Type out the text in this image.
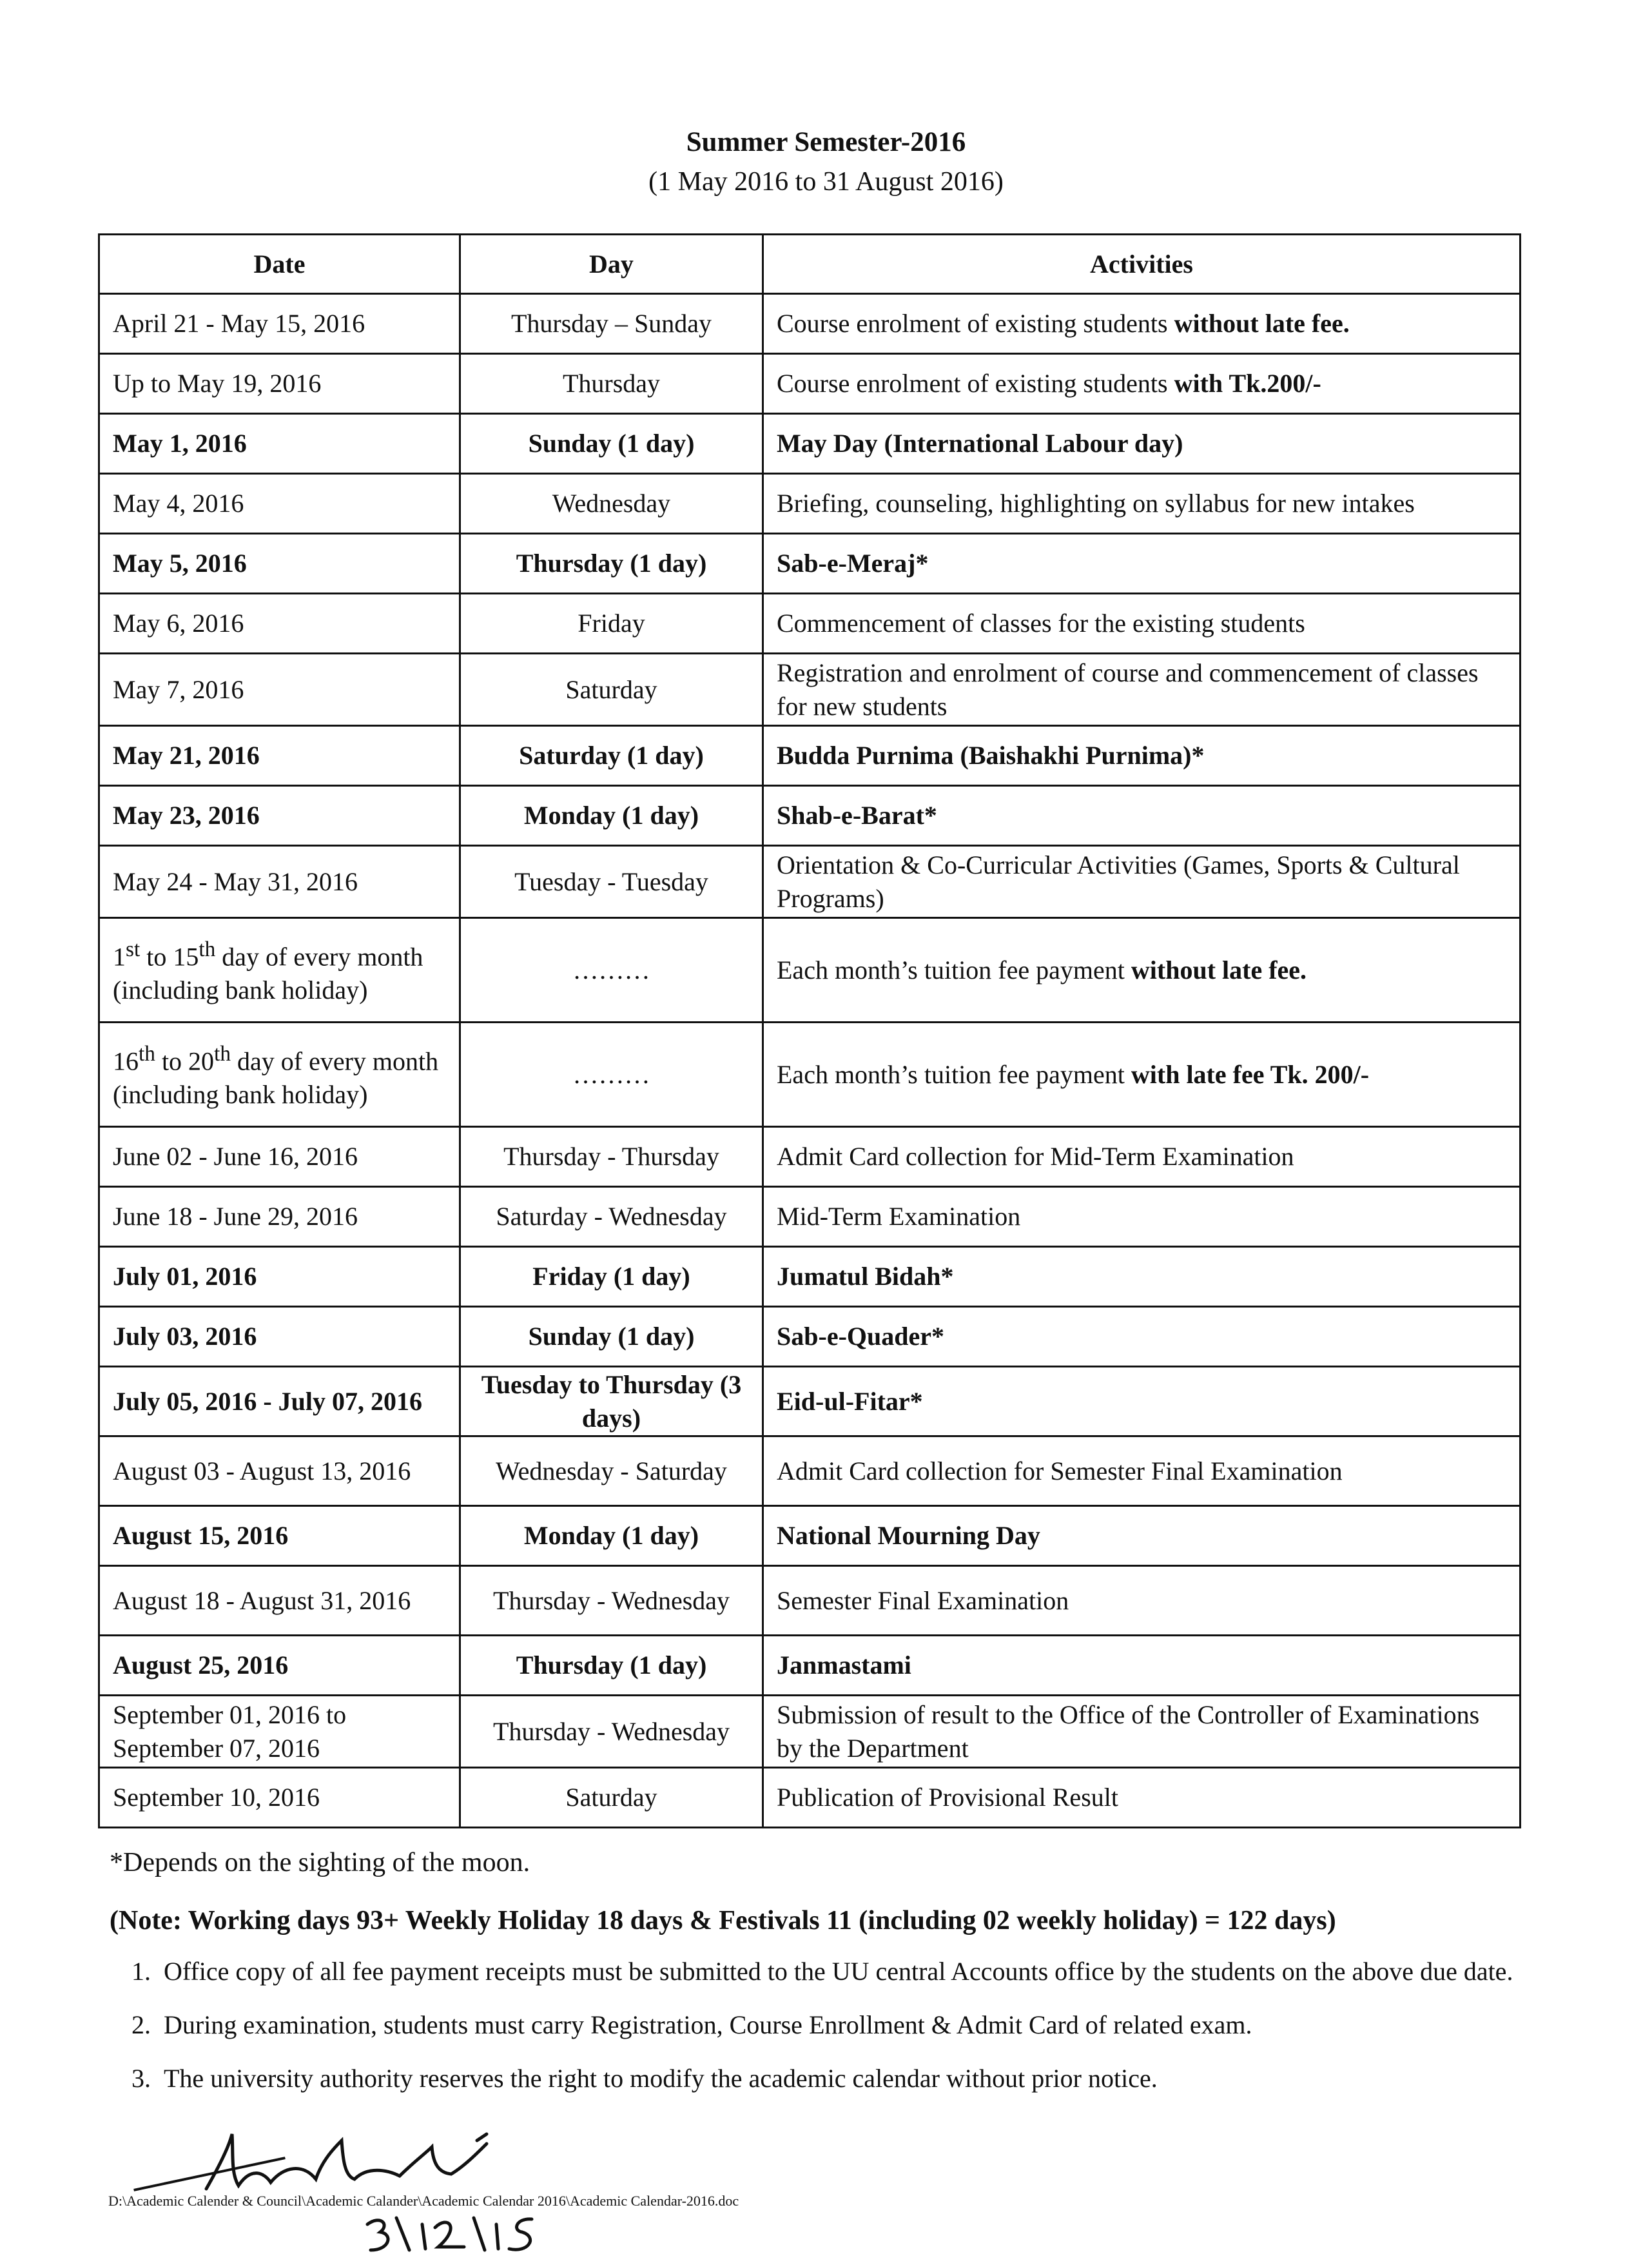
Summer Semester-2016
(1 May 2016 to 31 August 2016)
Date	Day	Activities
April 21 - May 15, 2016	Thursday – Sunday	Course enrolment of existing students without late fee.
Up to May 19, 2016	Thursday	Course enrolment of existing students with Tk.200/-
May 1, 2016	Sunday (1 day)	May Day (International Labour day)
May 4, 2016	Wednesday	Briefing, counseling, highlighting on syllabus for new intakes
May 5, 2016	Thursday (1 day)	Sab-e-Meraj*
May 6, 2016	Friday	Commencement of classes for the existing students
May 7, 2016	Saturday	Registration and enrolment of course and commencement of classes for new students
May 21, 2016	Saturday (1 day)	Budda Purnima (Baishakhi Purnima)*
May 23, 2016	Monday (1 day)	Shab-e-Barat*
May 24 - May 31, 2016	Tuesday - Tuesday	Orientation & Co-Curricular Activities (Games, Sports & Cultural Programs)
1st to 15th day of every month (including bank holiday)	………	Each month’s tuition fee payment without late fee.
16th to 20th day of every month (including bank holiday)	………	Each month’s tuition fee payment with late fee Tk. 200/-
June 02 - June 16, 2016	Thursday - Thursday	Admit Card collection for Mid-Term Examination
June 18 - June 29, 2016	Saturday - Wednesday	Mid-Term Examination
July 01, 2016	Friday (1 day)	Jumatul Bidah*
July 03, 2016	Sunday (1 day)	Sab-e-Quader*
July 05, 2016 - July 07, 2016	Tuesday to Thursday (3 days)	Eid-ul-Fitar*
August 03 - August 13, 2016	Wednesday - Saturday	Admit Card collection for Semester Final Examination
August 15, 2016	Monday (1 day)	National Mourning Day
August 18 - August 31, 2016	Thursday - Wednesday	Semester Final Examination
August 25, 2016	Thursday (1 day)	Janmastami
September 01, 2016 to September 07, 2016	Thursday - Wednesday	Submission of result to the Office of the Controller of Examinations by the Department
September 10, 2016	Saturday	Publication of Provisional Result
*Depends on the sighting of the moon.
(Note: Working days 93+ Weekly Holiday 18 days & Festivals 11 (including 02 weekly holiday) = 122 days)
1. Office copy of all fee payment receipts must be submitted to the UU central Accounts office by the students on the above due date.
2. During examination, students must carry Registration, Course Enrollment & Admit Card of related exam.
3. The university authority reserves the right to modify the academic calendar without prior notice.
D:\Academic Calender & Council\Academic Calander\Academic Calendar 2016\Academic Calendar-2016.doc
